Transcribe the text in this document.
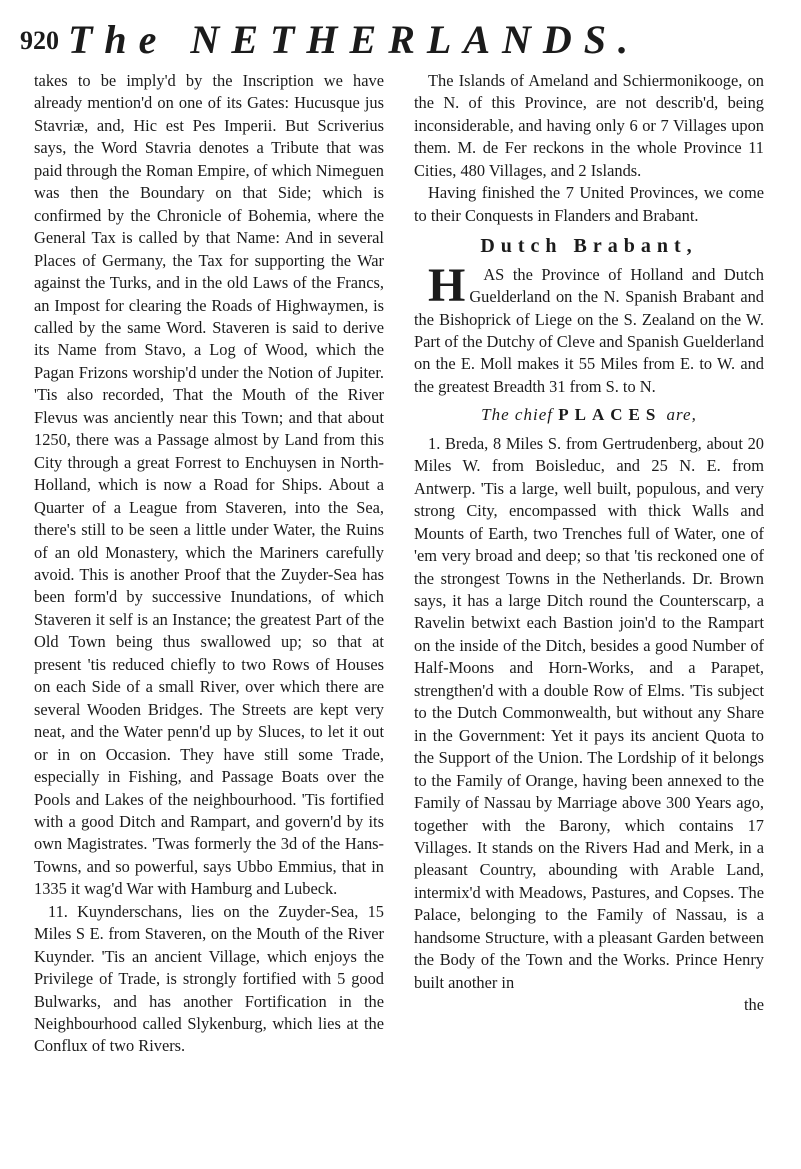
920 The NETHERLANDS.

takes to be imply'd by the Inscription we have already mention'd on one of its Gates: Hucusque jus Stavriæ, and, Hic est Pes Imperii. But Scriverius says, the Word Stavria denotes a Tribute that was paid through the Roman Empire, of which Nimeguen was then the Boundary on that Side; which is confirmed by the Chronicle of Bohemia, where the General Tax is called by that Name: And in several Places of Germany, the Tax for supporting the War against the Turks, and in the old Laws of the Francs, an Impost for clearing the Roads of Highwaymen, is called by the same Word. Staveren is said to derive its Name from Stavo, a Log of Wood, which the Pagan Frizons worship'd under the Notion of Jupiter. 'Tis also recorded, That the Mouth of the River Flevus was anciently near this Town; and that about 1250, there was a Passage almost by Land from this City through a great Forrest to Enchuysen in North-Holland, which is now a Road for Ships. About a Quarter of a League from Staveren, into the Sea, there's still to be seen a little under Water, the Ruins of an old Monastery, which the Mariners carefully avoid. This is another Proof that the Zuyder-Sea has been form'd by successive Inundations, of which Staveren it self is an Instance; the greatest Part of the Old Town being thus swallowed up; so that at present 'tis reduced chiefly to two Rows of Houses on each Side of a small River, over which there are several Wooden Bridges. The Streets are kept very neat, and the Water penn'd up by Sluces, to let it out or in on Occasion. They have still some Trade, especially in Fishing, and Passage Boats over the Pools and Lakes of the neighbourhood. 'Tis fortified with a good Ditch and Rampart, and govern'd by its own Magistrates. 'Twas formerly the 3d of the Hans-Towns, and so powerful, says Ubbo Emmius, that in 1335 it wag'd War with Hamburg and Lubeck.

11. Kuynderschans, lies on the Zuyder-Sea, 15 Miles S E. from Staveren, on the Mouth of the River Kuynder. 'Tis an ancient Village, which enjoys the Privilege of Trade, is strongly fortified with 5 good Bulwarks, and has another Fortification in the Neighbourhood called Slykenburg, which lies at the Conflux of two Rivers.

The Islands of Ameland and Schiermonikooge, on the N. of this Province, are not describ'd, being inconsiderable, and having only 6 or 7 Villages upon them. M. de Fer reckons in the whole Province 11 Cities, 480 Villages, and 2 Islands.

Having finished the 7 United Provinces, we come to their Conquests in Flanders and Brabant.

Dutch Brabant,

H AS the Province of Holland and Dutch Guelderland on the N. Spanish Brabant and the Bishoprick of Liege on the S. Zealand on the W. Part of the Dutchy of Cleve and Spanish Guelderland on the E. Moll makes it 55 Miles from E. to W. and the greatest Breadth 31 from S. to N.

The chief PLACES are,

1. Breda, 8 Miles S. from Gertrudenberg, about 20 Miles W. from Boisleduc, and 25 N. E. from Antwerp. 'Tis a large, well built, populous, and very strong City, encompassed with thick Walls and Mounts of Earth, two Trenches full of Water, one of 'em very broad and deep; so that 'tis reckoned one of the strongest Towns in the Netherlands. Dr. Brown says, it has a large Ditch round the Counterscarp, a Ravelin betwixt each Bastion join'd to the Rampart on the inside of the Ditch, besides a good Number of Half-Moons and Horn-Works, and a Parapet, strengthen'd with a double Row of Elms. 'Tis subject to the Dutch Commonwealth, but without any Share in the Government: Yet it pays its ancient Quota to the Support of the Union. The Lordship of it belongs to the Family of Orange, having been annexed to the Family of Nassau by Marriage above 300 Years ago, together with the Barony, which contains 17 Villages. It stands on the Rivers Had and Merk, in a pleasant Country, abounding with Arable Land, intermix'd with Meadows, Pastures, and Copses. The Palace, belonging to the Family of Nassau, is a handsome Structure, with a pleasant Garden between the Body of the Town and the Works. Prince Henry built another in

the
